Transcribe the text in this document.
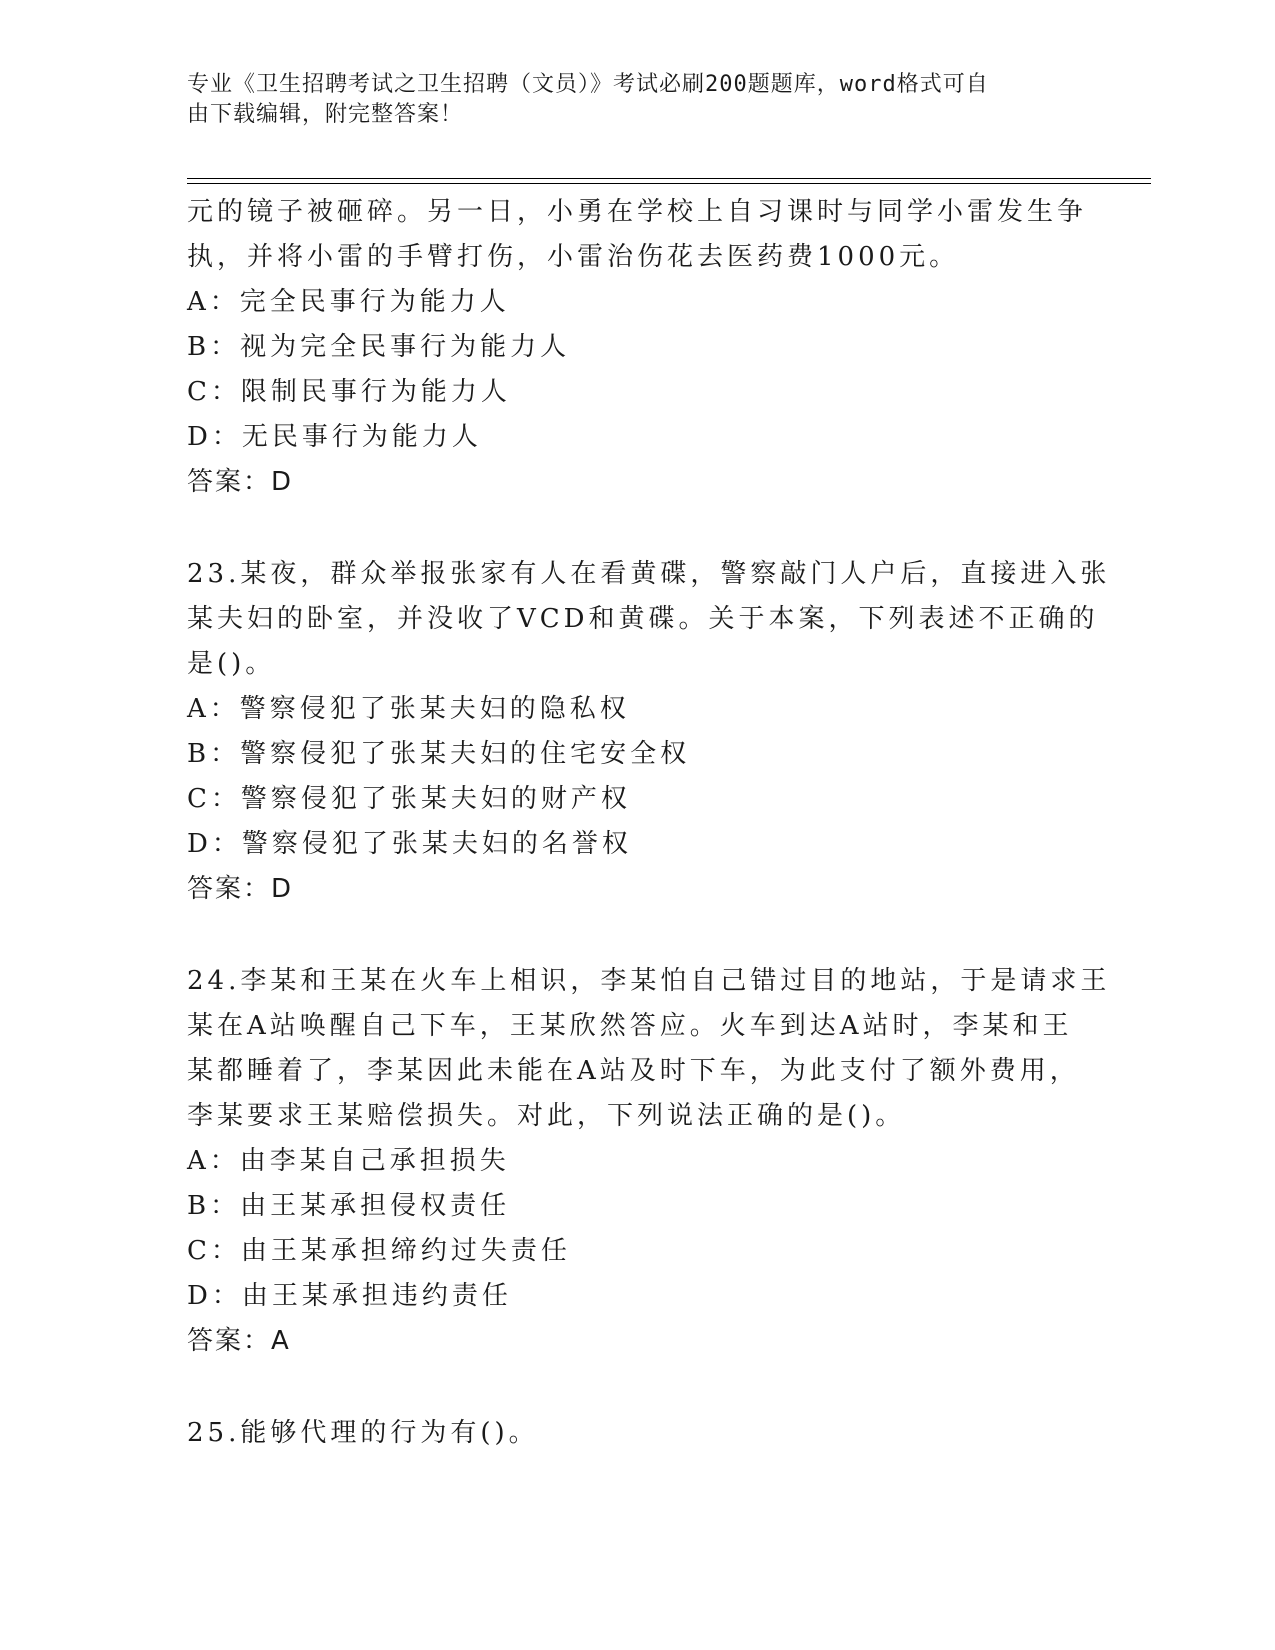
专业《卫生招聘考试之卫生招聘（文员）》考试必刷200题题库，word格式可自
由下载编辑，附完整答案！

元的镜子被砸碎。另一日，小勇在学校上自习课时与同学小雷发生争

执，并将小雷的手臂打伤，小雷治伤花去医药费1000元。

A：完全民事行为能力人

B：视为完全民事行为能力人

C：限制民事行为能力人

D：无民事行为能力人

答案：D

23.某夜，群众举报张家有人在看黄碟，警察敲门人户后，直接进入张

某夫妇的卧室，并没收了VCD和黄碟。关于本案，下列表述不正确的

是()。

A：警察侵犯了张某夫妇的隐私权

B：警察侵犯了张某夫妇的住宅安全权

C：警察侵犯了张某夫妇的财产权

D：警察侵犯了张某夫妇的名誉权

答案：D

24.李某和王某在火车上相识，李某怕自己错过目的地站，于是请求王

某在A站唤醒自己下车，王某欣然答应。火车到达A站时，李某和王

某都睡着了，李某因此未能在A站及时下车，为此支付了额外费用，

李某要求王某赔偿损失。对此，下列说法正确的是()。

A：由李某自己承担损失

B：由王某承担侵权责任

C：由王某承担缔约过失责任

D：由王某承担违约责任

答案：A

25.能够代理的行为有()。
